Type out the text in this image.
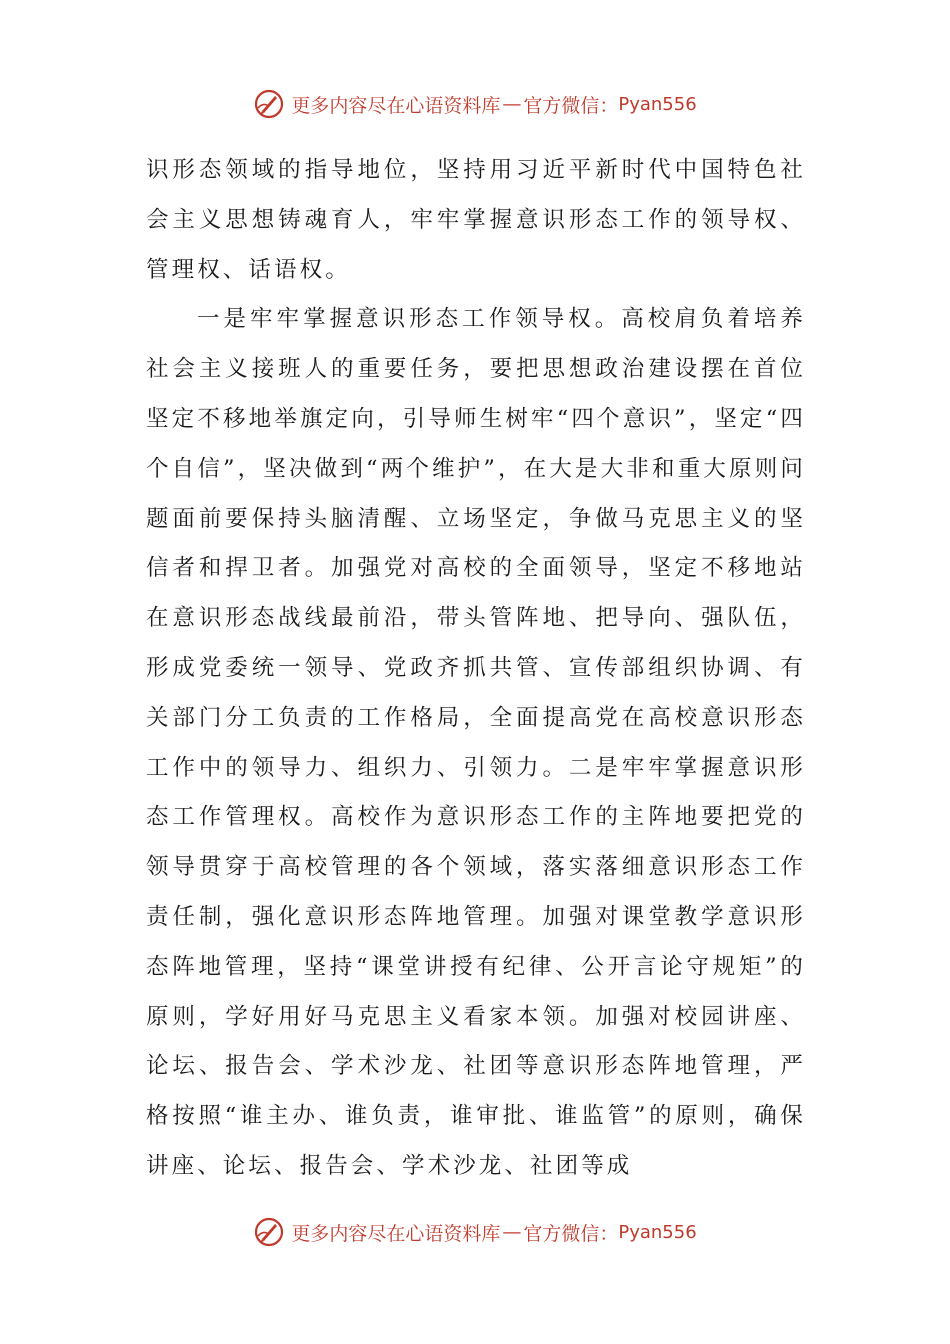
更多内容尽在心语资料库 — 官方微信： Pyan556

识形态领域的指导地位，坚持用习近平新时代中国特色社会主义思想铸魂育人，牢牢掌握意识形态工作的领导权、管理权、话语权。

一是牢牢掌握意识形态工作领导权。高校肩负着培养社会主义接班人的重要任务，要把思想政治建设摆在首位坚定不移地举旗定向，引导师生树牢“四个意识”，坚定“四个自信”，坚决做到“两个维护”，在大是大非和重大原则问题面前要保持头脑清醒、立场坚定，争做马克思主义的坚信者和捍卫者。加强党对高校的全面领导，坚定不移地站在意识形态战线最前沿，带头管阵地、把导向、强队伍，形成党委统一领导、党政齐抓共管、宣传部组织协调、有关部门分工负责的工作格局，全面提高党在高校意识形态工作中的领导力、组织力、引领力。二是牢牢掌握意识形态工作管理权。高校作为意识形态工作的主阵地要把党的领导贯穿于高校管理的各个领域，落实落细意识形态工作责任制，强化意识形态阵地管理。加强对课堂教学意识形态阵地管理，坚持“课堂讲授有纪律、公开言论守规矩”的原则，学好用好马克思主义看家本领。加强对校园讲座、论坛、报告会、学术沙龙、社团等意识形态阵地管理，严格按照“谁主办、谁负责，谁审批、谁监管”的原则，确保讲座、论坛、报告会、学术沙龙、社团等成

更多内容尽在心语资料库 — 官方微信： Pyan556
